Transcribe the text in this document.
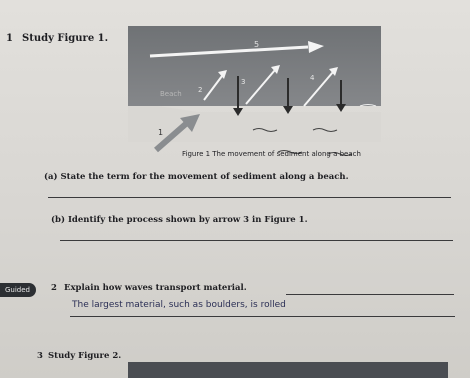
1 Study Figure 1.
5
Beach 2
3	4
1
Figure 1 The movement of sediment along a beach
(a) State the term for the movement of sediment along a beach.
(b) Identify the process shown by arrow 3 in Figure 1.
Guided	2 Explain how waves transport material.
The largest material, such as boulders, is rolled
3 Study Figure 2.
